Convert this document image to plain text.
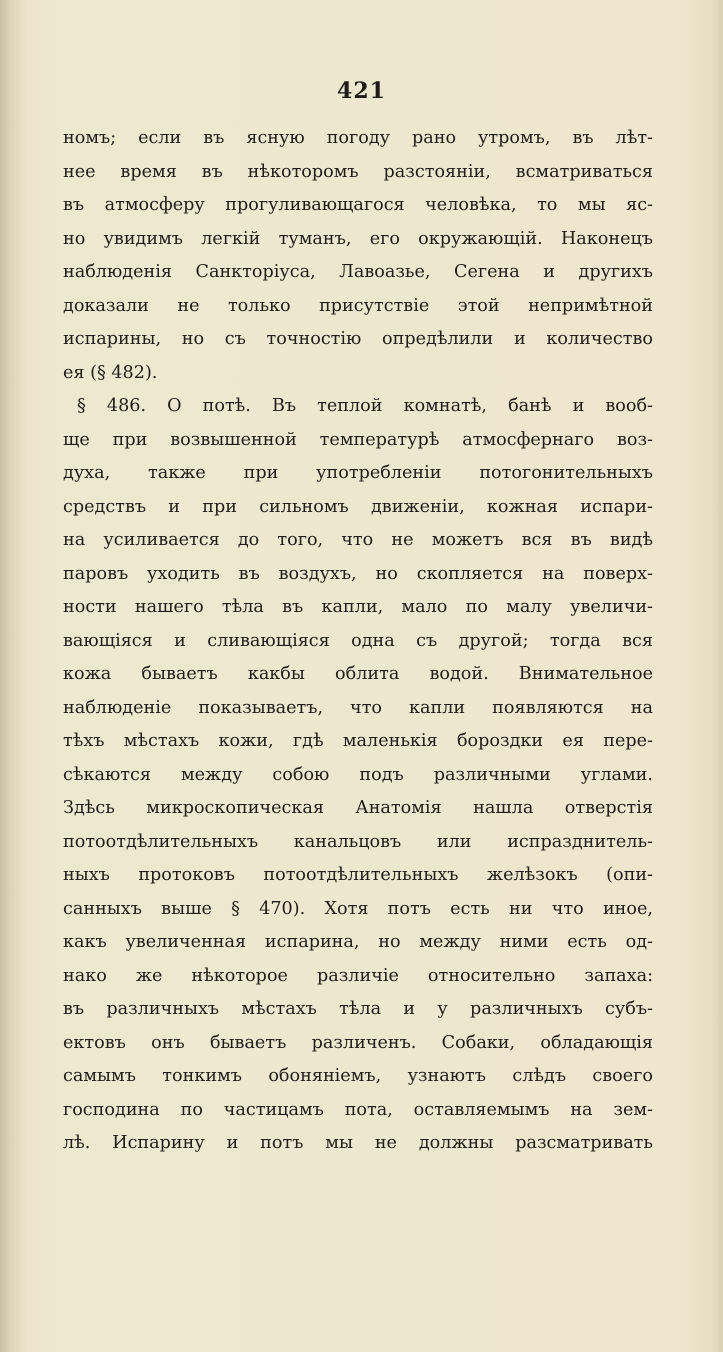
421
номъ; если въ ясную погоду рано утромъ, въ лѣт-
нее время въ нѣкоторомъ разстояніи, всматриваться
въ атмосферу прогуливающагося человѣка, то мы яс-
но увидимъ легкій туманъ, его окружающій. Наконецъ
наблюденія Санкторіуса, Лавоазье, Сегена и другихъ
доказали не только присутствіе этой непримѣтной
испарины, но съ точностію опредѣлили и количество
ея (§ 482).
§ 486. О потѣ. Въ теплой комнатѣ, банѣ и вооб-
ще при возвышенной температурѣ атмосфернаго воз-
духа, также при употребленіи потогонительныхъ
средствъ и при сильномъ движеніи, кожная испари-
на усиливается до того, что не можетъ вся въ видѣ
паровъ уходить въ воздухъ, но скопляется на поверх-
ности нашего тѣла въ капли, мало по малу увеличи-
вающіяся и сливающіяся одна съ другой; тогда вся
кожа бываетъ какбы облита водой. Внимательное
наблюденіе показываетъ, что капли появляются на
тѣхъ мѣстахъ кожи, гдѣ маленькія бороздки ея пере-
сѣкаются между собою подъ различными углами.
Здѣсь микроскопическая Анатомія нашла отверстія
потоотдѣлительныхъ канальцовъ или испразднитель-
ныхъ протоковъ потоотдѣлительныхъ желѣзокъ (опи-
санныхъ выше § 470). Хотя потъ есть ни что иное,
какъ увеличенная испарина, но между ними есть од-
нако же нѣкоторое различіе относительно запаха:
въ различныхъ мѣстахъ тѣла и у различныхъ субъ-
ектовъ онъ бываетъ различенъ. Собаки, обладающія
самымъ тонкимъ обоняніемъ, узнаютъ слѣдъ своего
господина по частицамъ пота, оставляемымъ на зем-
лѣ. Испарину и потъ мы не должны разсматривать
